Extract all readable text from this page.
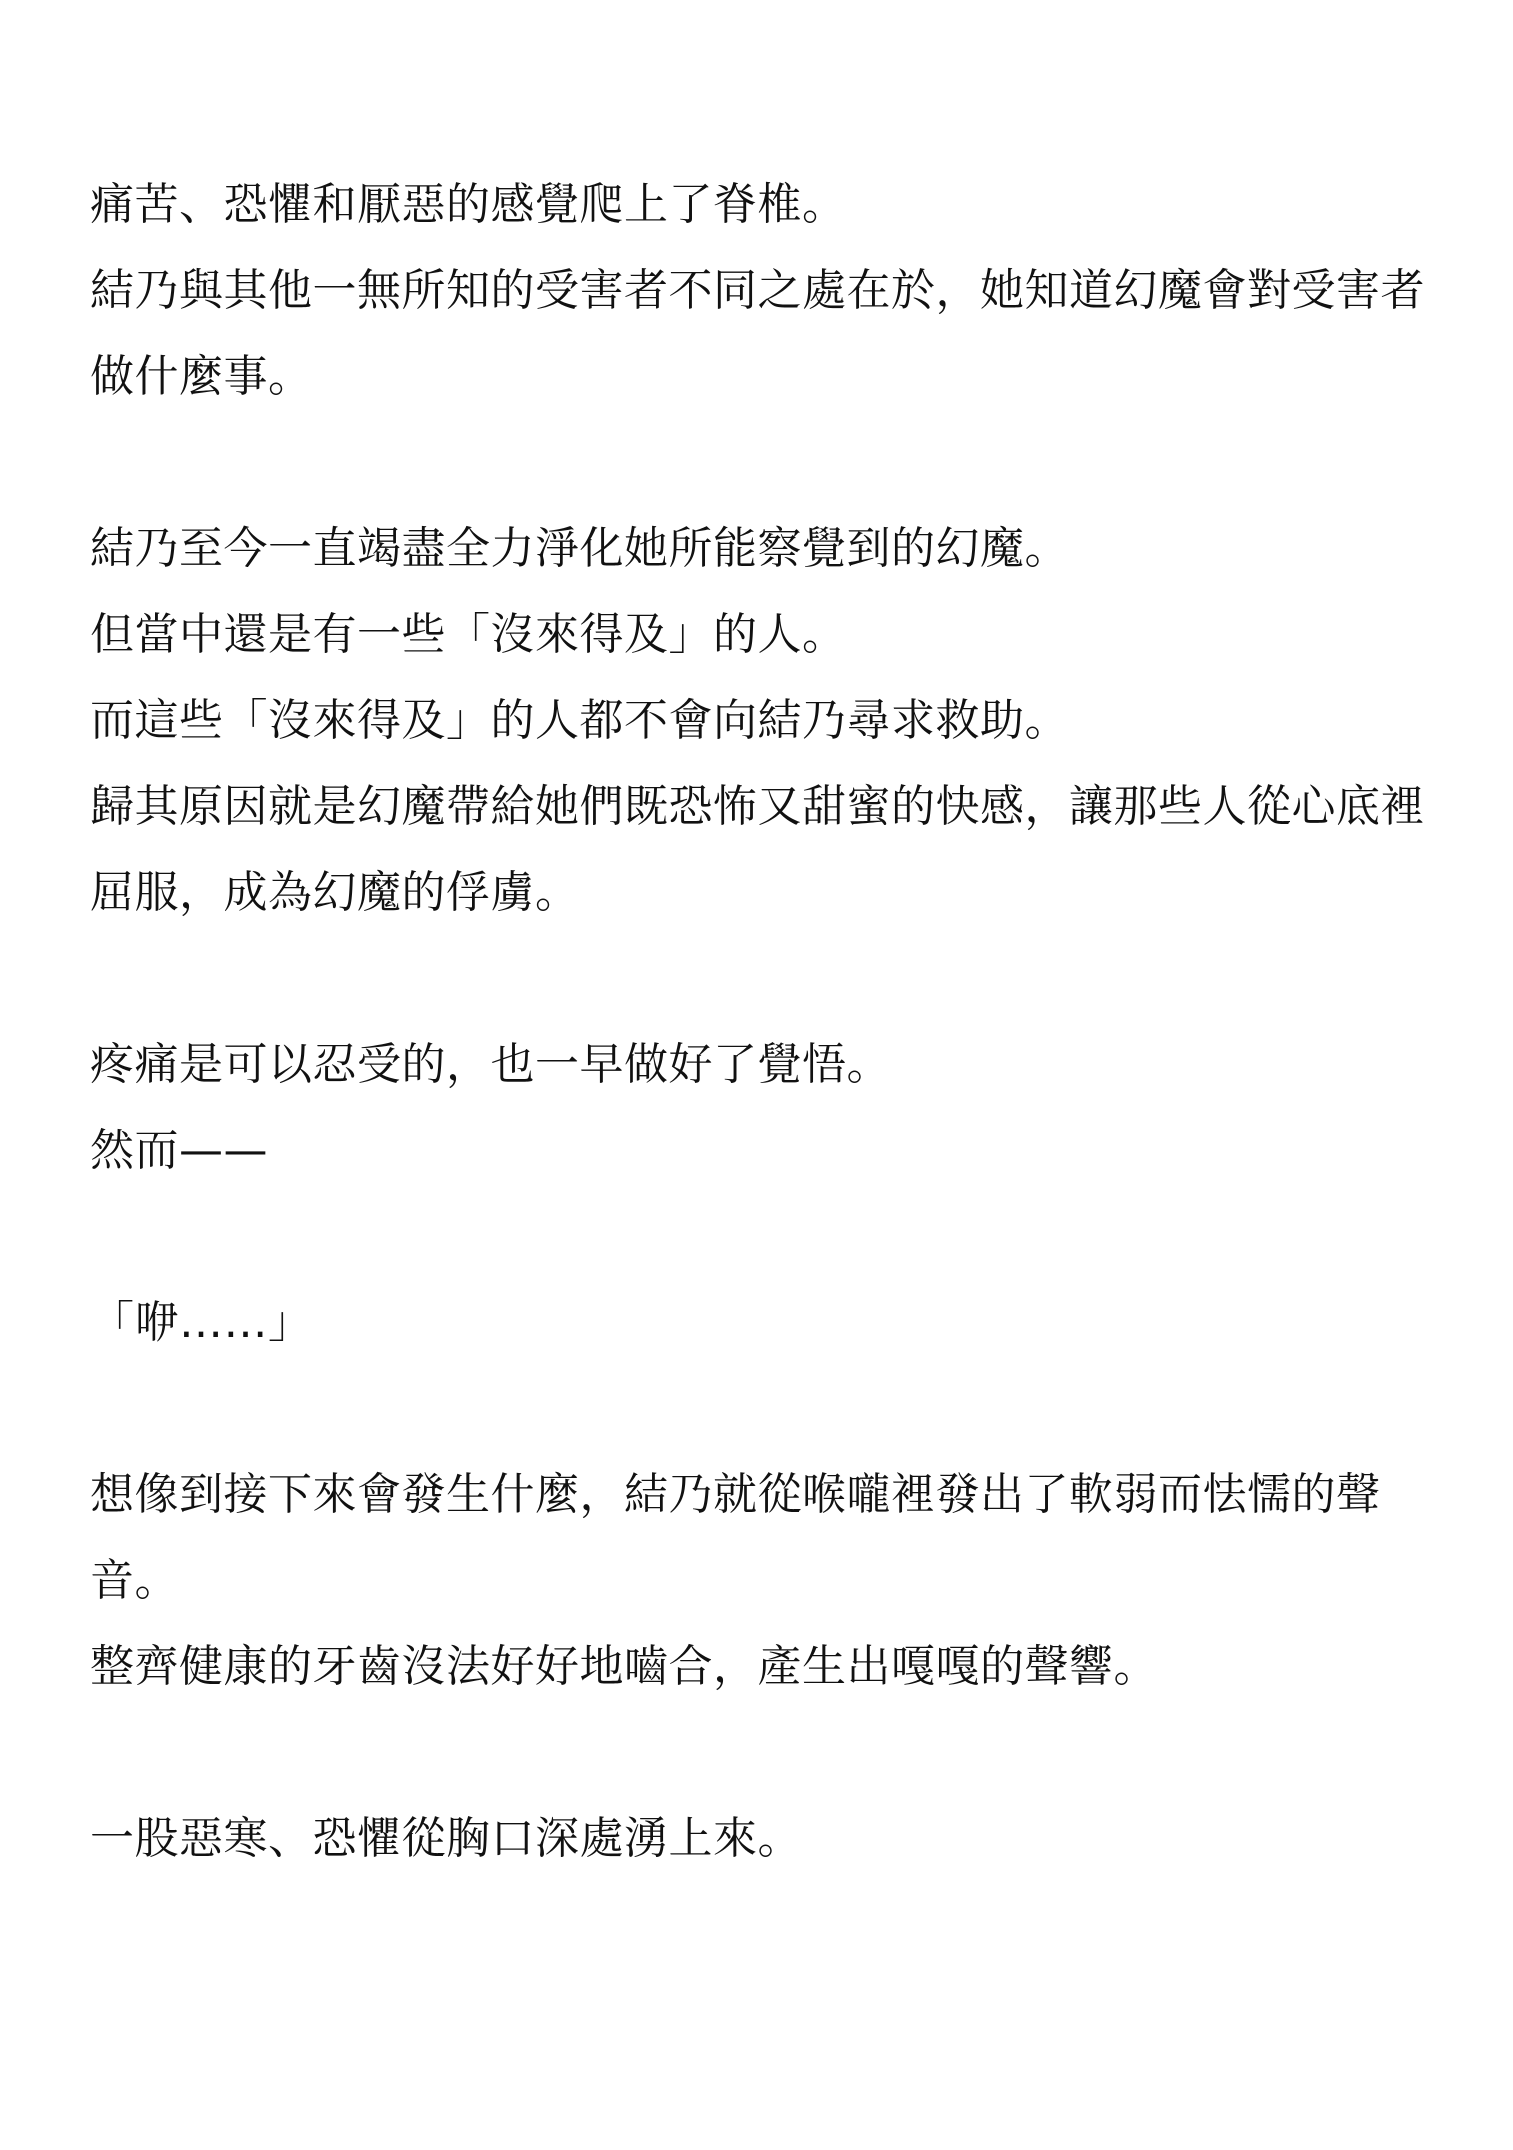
痛苦、恐懼和厭惡的感覺爬上了脊椎。
結乃與其他一無所知的受害者不同之處在於，她知道幻魔會對受害者做什麼事。
結乃至今一直竭盡全力淨化她所能察覺到的幻魔。
但當中還是有一些「沒來得及」的人。
而這些「沒來得及」的人都不會向結乃尋求救助。
歸其原因就是幻魔帶給她們既恐怖又甜蜜的快感，讓那些人從心底裡屈服，成為幻魔的俘虜。
疼痛是可以忍受的，也一早做好了覺悟。
然而——
「咿……」
想像到接下來會發生什麼，結乃就從喉嚨裡發出了軟弱而怯懦的聲音。
整齊健康的牙齒沒法好好地嚙合，產生出嘎嘎的聲響。
一股惡寒、恐懼從胸口深處湧上來。
